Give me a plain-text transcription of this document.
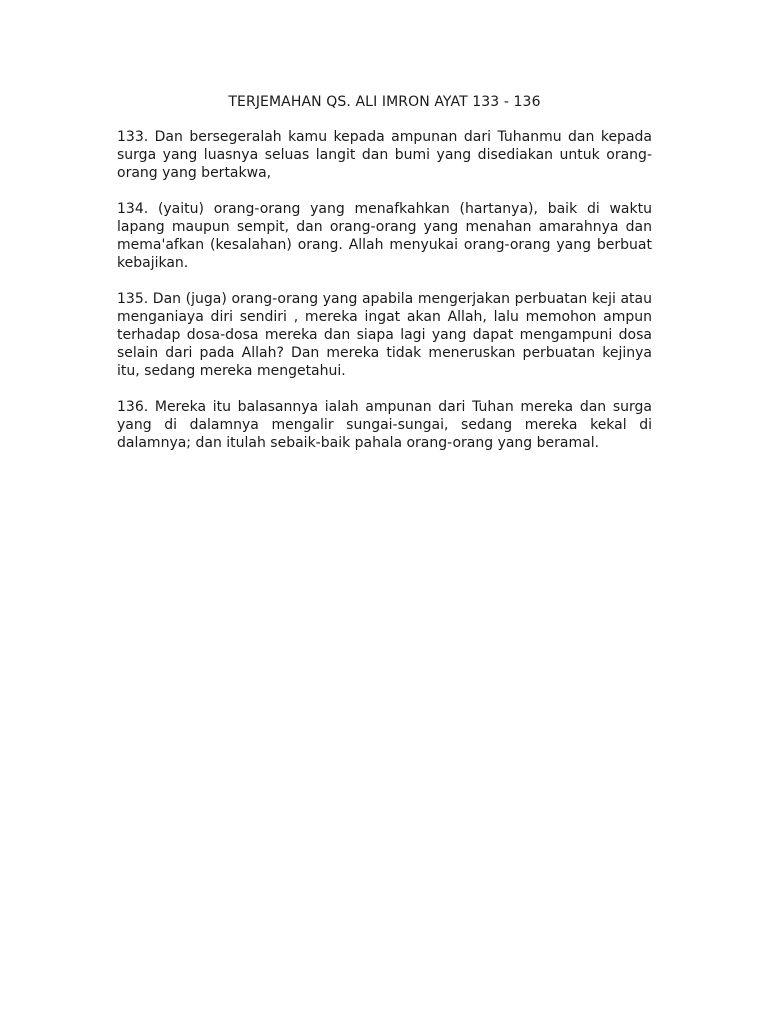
TERJEMAHAN QS. ALI IMRON AYAT 133 - 136

133. Dan bersegeralah kamu kepada ampunan dari Tuhanmu dan kepada surga yang luasnya seluas langit dan bumi yang disediakan untuk orang-orang yang bertakwa,

134. (yaitu) orang-orang yang menafkahkan (hartanya), baik di waktu lapang maupun sempit, dan orang-orang yang menahan amarahnya dan mema'afkan (kesalahan) orang. Allah menyukai orang-orang yang berbuat kebajikan.

135. Dan (juga) orang-orang yang apabila mengerjakan perbuatan keji atau menganiaya diri sendiri , mereka ingat akan Allah, lalu memohon ampun terhadap dosa-dosa mereka dan siapa lagi yang dapat mengampuni dosa selain dari pada Allah? Dan mereka tidak meneruskan perbuatan kejinya itu, sedang mereka mengetahui.

136. Mereka itu balasannya ialah ampunan dari Tuhan mereka dan surga yang di dalamnya mengalir sungai-sungai, sedang mereka kekal di dalamnya; dan itulah sebaik-baik pahala orang-orang yang beramal.
